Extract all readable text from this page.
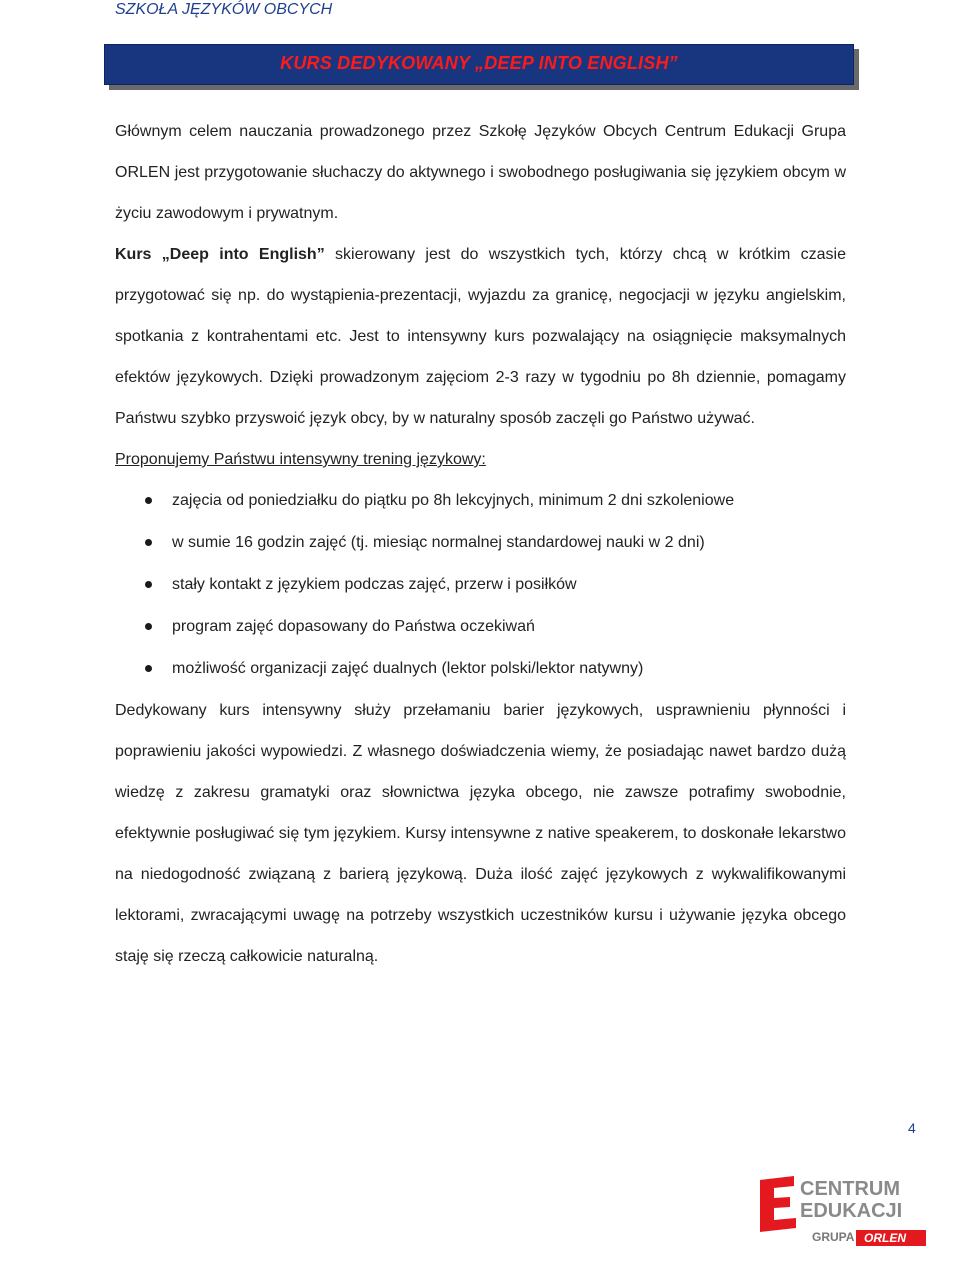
SZKOŁA JĘZYKÓW OBCYCH
KURS DEDYKOWANY „DEEP INTO ENGLISH”

Głównym celem nauczania prowadzonego przez Szkołę Języków Obcych Centrum Edukacji Grupa ORLEN jest przygotowanie słuchaczy do aktywnego i swobodnego posługiwania się językiem obcym w życiu zawodowym i prywatnym.

Kurs „Deep into English” skierowany jest do wszystkich tych, którzy chcą w krótkim czasie przygotować się np. do wystąpienia-prezentacji, wyjazdu za granicę, negocjacji w języku angielskim, spotkania z kontrahentami etc. Jest to intensywny kurs pozwalający na osiągnięcie maksymalnych efektów językowych. Dzięki prowadzonym zajęciom 2-3 razy w tygodniu po 8h dziennie, pomagamy Państwu szybko przyswoić język obcy, by w naturalny sposób zaczęli go Państwo używać.

Proponujemy Państwu intensywny trening językowy:

zajęcia od poniedziałku do piątku po 8h lekcyjnych, minimum 2 dni szkoleniowe
w sumie 16 godzin zajęć (tj. miesiąc normalnej standardowej nauki w 2 dni)
stały kontakt z językiem podczas zajęć, przerw i posiłków
program zajęć dopasowany do Państwa oczekiwań
możliwość organizacji zajęć dualnych (lektor polski/lektor natywny)

Dedykowany kurs intensywny służy przełamaniu barier językowych, usprawnieniu płynności i poprawieniu jakości wypowiedzi. Z własnego doświadczenia wiemy, że posiadając nawet bardzo dużą wiedzę z zakresu gramatyki oraz słownictwa języka obcego, nie zawsze potrafimy swobodnie, efektywnie posługiwać się tym językiem. Kursy intensywne z native speakerem, to doskonałe lekarstwo na niedogodność związaną z barierą językową. Duża ilość zajęć językowych z wykwalifikowanymi lektorami, zwracającymi uwagę na potrzeby wszystkich uczestników kursu i używanie języka obcego staję się rzeczą całkowicie naturalną.

4
CENTRUM
EDUKACJI
GRUPA ORLEN
Centrum Edukacji Grupa ORLEN, 09-400 Płock, al. F. Kobylińskiego 25
Szkoła Języków Obcych, tel. (24) 365 86 19, fax. (24) 365 86 24, www.centrumedukacji.pl
